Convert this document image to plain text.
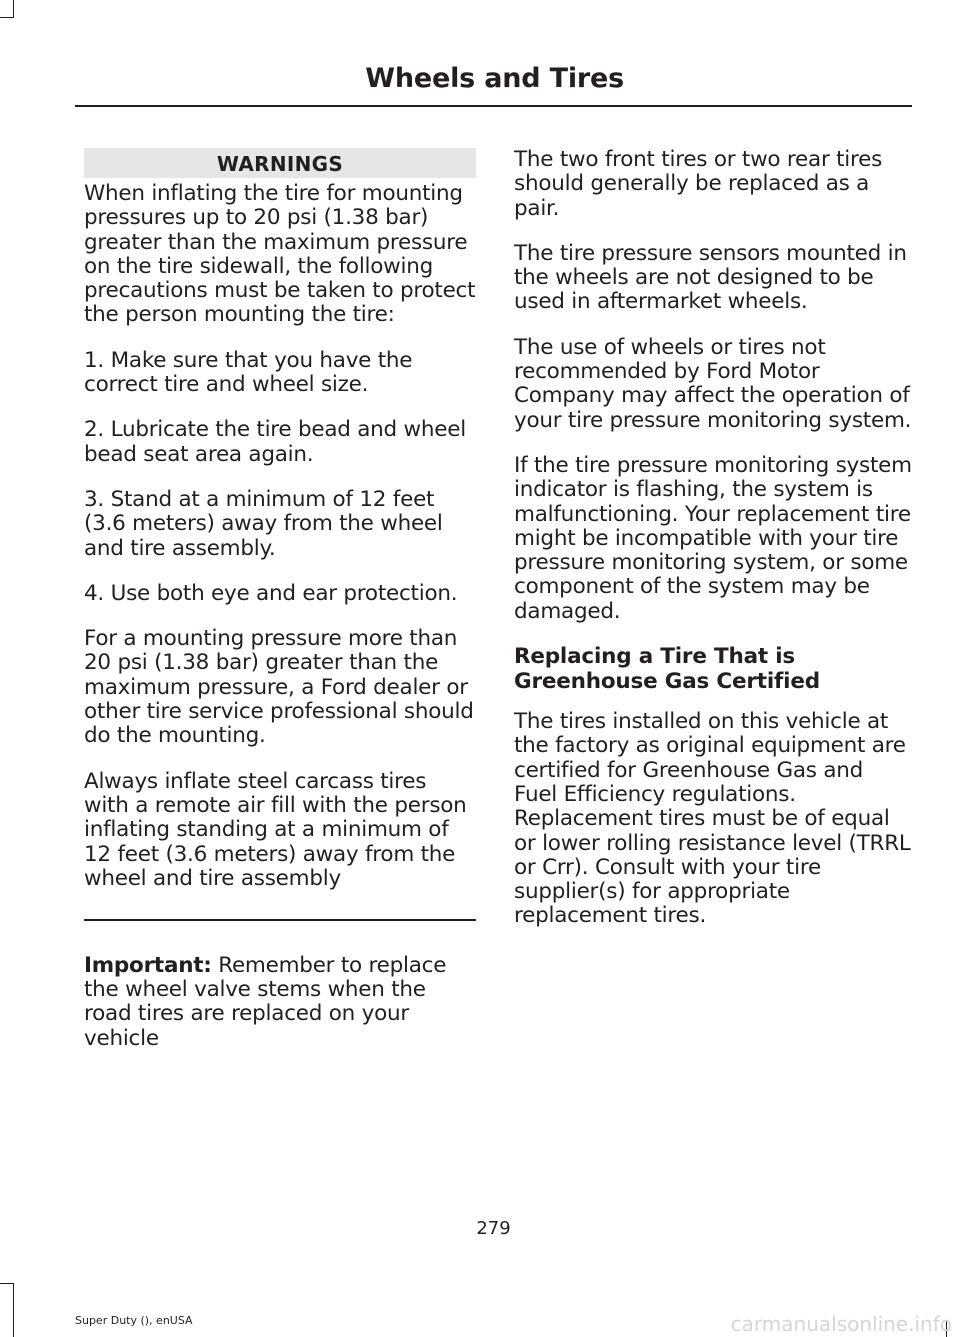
Wheels and Tires
WARNINGS

When inflating the tire for mounting pressures up to 20 psi (1.38 bar) greater than the maximum pressure on the tire sidewall, the following precautions must be taken to protect the person mounting the tire:

1. Make sure that you have the correct tire and wheel size.

2. Lubricate the tire bead and wheel bead seat area again.

3. Stand at a minimum of 12 feet (3.6 meters) away from the wheel and tire assembly.

4. Use both eye and ear protection.

For a mounting pressure more than 20 psi (1.38 bar) greater than the maximum pressure, a Ford dealer or other tire service professional should do the mounting.

Always inflate steel carcass tires with a remote air fill with the person inflating standing at a minimum of 12 feet (3.6 meters) away from the wheel and tire assembly

Important: Remember to replace the wheel valve stems when the road tires are replaced on your vehicle

The two front tires or two rear tires should generally be replaced as a pair.

The tire pressure sensors mounted in the wheels are not designed to be used in aftermarket wheels.

The use of wheels or tires not recommended by Ford Motor Company may affect the operation of your tire pressure monitoring system.

If the tire pressure monitoring system indicator is flashing, the system is malfunctioning. Your replacement tire might be incompatible with your tire pressure monitoring system, or some component of the system may be damaged.

Replacing a Tire That is Greenhouse Gas Certified

The tires installed on this vehicle at the factory as original equipment are certified for Greenhouse Gas and Fuel Efficiency regulations. Replacement tires must be of equal or lower rolling resistance level (TRRL or Crr). Consult with your tire supplier(s) for appropriate replacement tires.

279
Super Duty (), enUSA	carmanualsonline.info
